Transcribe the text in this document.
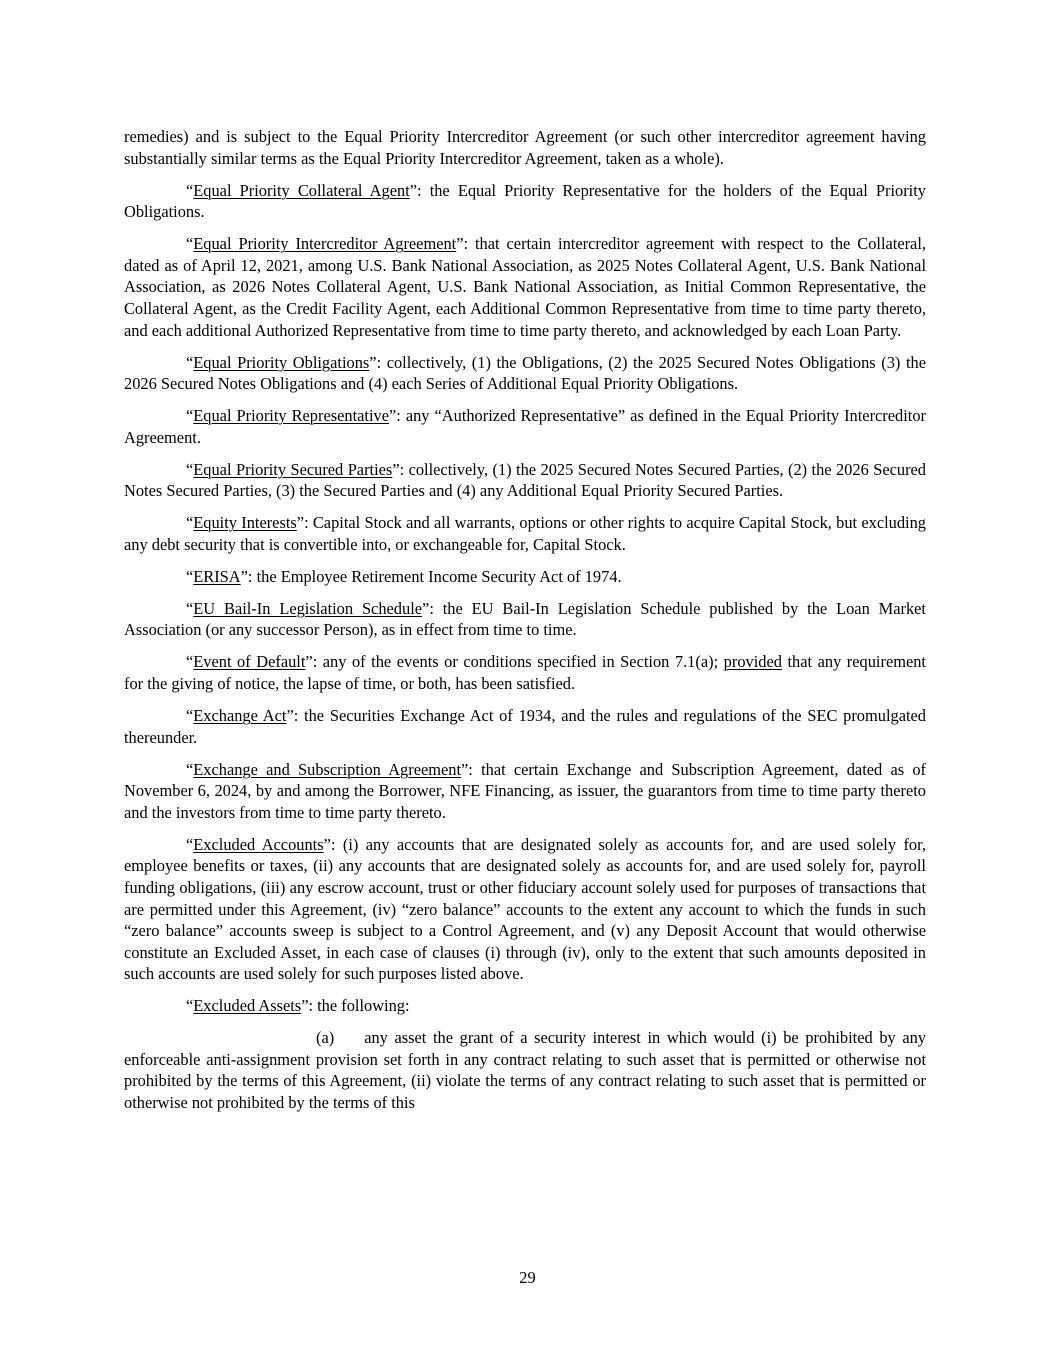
remedies) and is subject to the Equal Priority Intercreditor Agreement (or such other intercreditor agreement having substantially similar terms as the Equal Priority Intercreditor Agreement, taken as a whole).

“Equal Priority Collateral Agent”: the Equal Priority Representative for the holders of the Equal Priority Obligations.

“Equal Priority Intercreditor Agreement”: that certain intercreditor agreement with respect to the Collateral, dated as of April 12, 2021, among U.S. Bank National Association, as 2025 Notes Collateral Agent, U.S. Bank National Association, as 2026 Notes Collateral Agent, U.S. Bank National Association, as Initial Common Representative, the Collateral Agent, as the Credit Facility Agent, each Additional Common Representative from time to time party thereto, and each additional Authorized Representative from time to time party thereto, and acknowledged by each Loan Party.

“Equal Priority Obligations”: collectively, (1) the Obligations, (2) the 2025 Secured Notes Obligations (3) the 2026 Secured Notes Obligations and (4) each Series of Additional Equal Priority Obligations.

“Equal Priority Representative”: any “Authorized Representative” as defined in the Equal Priority Intercreditor Agreement.

“Equal Priority Secured Parties”: collectively, (1) the 2025 Secured Notes Secured Parties, (2) the 2026 Secured Notes Secured Parties, (3) the Secured Parties and (4) any Additional Equal Priority Secured Parties.

“Equity Interests”: Capital Stock and all warrants, options or other rights to acquire Capital Stock, but excluding any debt security that is convertible into, or exchangeable for, Capital Stock.

“ERISA”: the Employee Retirement Income Security Act of 1974.

“EU Bail-In Legislation Schedule”: the EU Bail-In Legislation Schedule published by the Loan Market Association (or any successor Person), as in effect from time to time.

“Event of Default”: any of the events or conditions specified in Section 7.1(a); provided that any requirement for the giving of notice, the lapse of time, or both, has been satisfied.

“Exchange Act”: the Securities Exchange Act of 1934, and the rules and regulations of the SEC promulgated thereunder.

“Exchange and Subscription Agreement”: that certain Exchange and Subscription Agreement, dated as of November 6, 2024, by and among the Borrower, NFE Financing, as issuer, the guarantors from time to time party thereto and the investors from time to time party thereto.

“Excluded Accounts”: (i) any accounts that are designated solely as accounts for, and are used solely for, employee benefits or taxes, (ii) any accounts that are designated solely as accounts for, and are used solely for, payroll funding obligations, (iii) any escrow account, trust or other fiduciary account solely used for purposes of transactions that are permitted under this Agreement, (iv) “zero balance” accounts to the extent any account to which the funds in such “zero balance” accounts sweep is subject to a Control Agreement, and (v) any Deposit Account that would otherwise constitute an Excluded Asset, in each case of clauses (i) through (iv), only to the extent that such amounts deposited in such accounts are used solely for such purposes listed above.

“Excluded Assets”: the following:

(a) any asset the grant of a security interest in which would (i) be prohibited by any enforceable anti-assignment provision set forth in any contract relating to such asset that is permitted or otherwise not prohibited by the terms of this Agreement, (ii) violate the terms of any contract relating to such asset that is permitted or otherwise not prohibited by the terms of this

29
